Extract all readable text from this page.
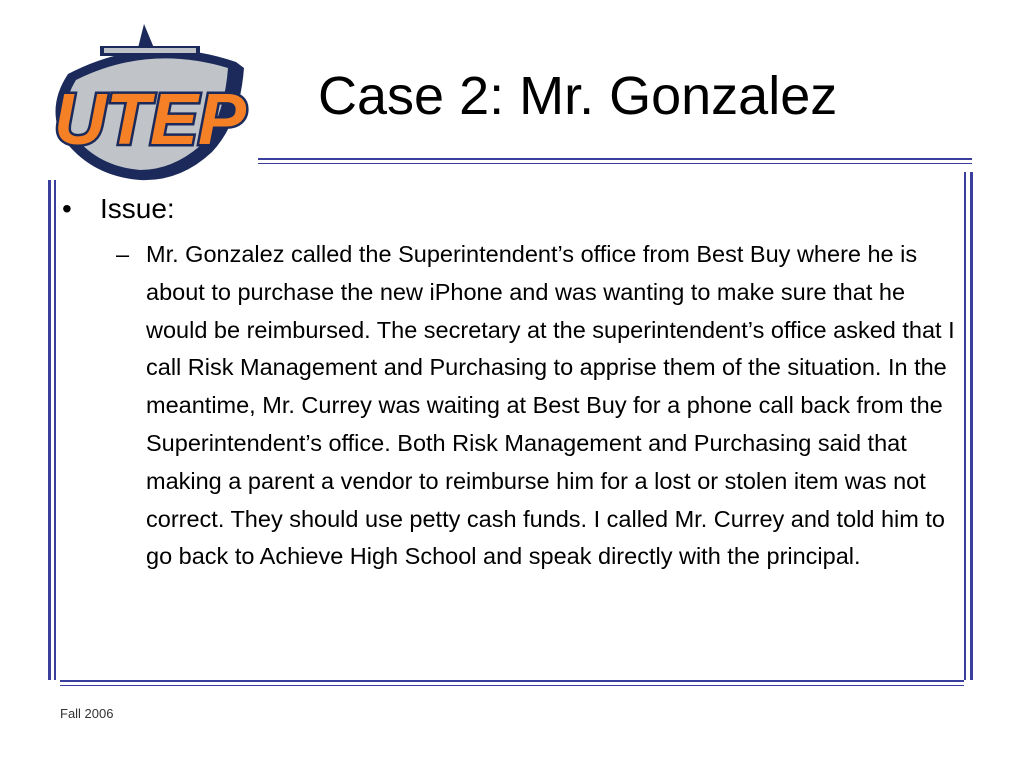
UTEP Case 2: Mr. Gonzalez
• Issue:
– Mr. Gonzalez called the Superintendent’s office from Best Buy where he is about to purchase the new iPhone and was wanting to make sure that he would be reimbursed. The secretary at the superintendent’s office asked that I call Risk Management and Purchasing to apprise them of the situation. In the meantime, Mr. Currey was waiting at Best Buy for a phone call back from the Superintendent’s office. Both Risk Management and Purchasing said that making a parent a vendor to reimburse him for a lost or stolen item was not correct. They should use petty cash funds. I called Mr. Currey and told him to go back to Achieve High School and speak directly with the principal.
Fall 2006
